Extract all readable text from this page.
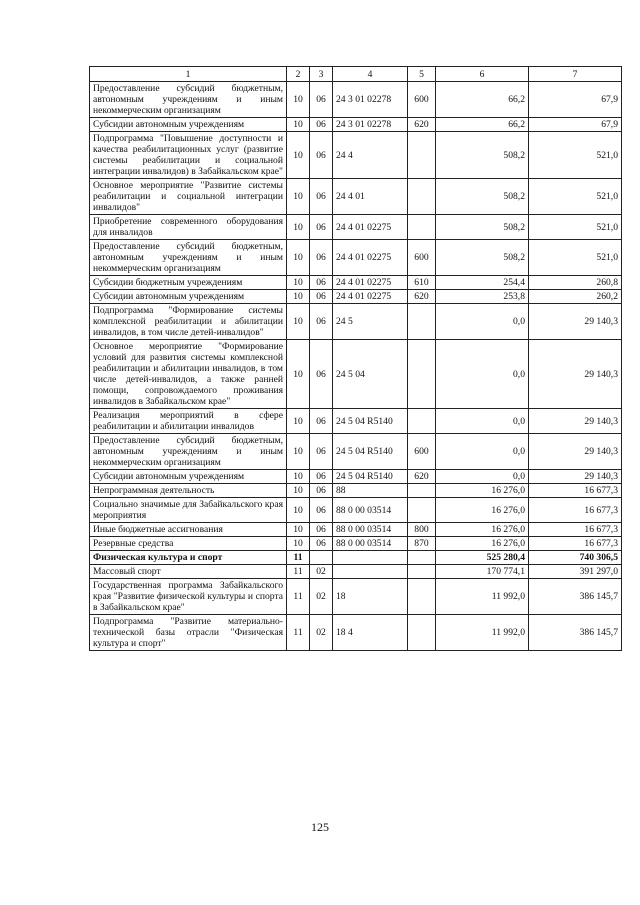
1	2	3	4	5	6	7
Предоставление субсидий бюджетным, автономным учреждениям и иным некоммерческим организациям	10	06	24 3 01 02278	600	66,2	67,9
Субсидии автономным учреждениям	10	06	24 3 01 02278	620	66,2	67,9
Подпрограмма "Повышение доступности и качества реабилитационных услуг (развитие системы реабилитации и социальной интеграции инвалидов) в Забайкальском крае"	10	06	24 4		508,2	521,0
Основное мероприятие "Развитие системы реабилитации и социальной интеграции инвалидов"	10	06	24 4 01		508,2	521,0
Приобретение современного оборудования для инвалидов	10	06	24 4 01 02275		508,2	521,0
Предоставление субсидий бюджетным, автономным учреждениям и иным некоммерческим организациям	10	06	24 4 01 02275	600	508,2	521,0
Субсидии бюджетным учреждениям	10	06	24 4 01 02275	610	254,4	260,8
Субсидии автономным учреждениям	10	06	24 4 01 02275	620	253,8	260,2
Подпрограмма "Формирование системы комплексной реабилитации и абилитации инвалидов, в том числе детей-инвалидов"	10	06	24 5		0,0	29 140,3
Основное мероприятие "Формирование условий для развития системы комплексной реабилитации и абилитации инвалидов, в том числе детей-инвалидов, а также ранней помощи, сопровождаемого проживания инвалидов в Забайкальском крае"	10	06	24 5 04		0,0	29 140,3
Реализация мероприятий в сфере реабилитации и абилитации инвалидов	10	06	24 5 04 R5140		0,0	29 140,3
Предоставление субсидий бюджетным, автономным учреждениям и иным некоммерческим организациям	10	06	24 5 04 R5140	600	0,0	29 140,3
Субсидии автономным учреждениям	10	06	24 5 04 R5140	620	0,0	29 140,3
Непрограммная деятельность	10	06	88		16 276,0	16 677,3
Социально значимые для Забайкальского края мероприятия	10	06	88 0 00 03514		16 276,0	16 677,3
Иные бюджетные ассигнования	10	06	88 0 00 03514	800	16 276,0	16 677,3
Резервные средства	10	06	88 0 00 03514	870	16 276,0	16 677,3
Физическая культура и спорт	11				525 280,4	740 306,5
Массовый спорт	11	02			170 774,1	391 297,0
Государственная программа Забайкальского края "Развитие физической культуры и спорта в Забайкальском крае"	11	02	18		11 992,0	386 145,7
Подпрограмма "Развитие материально-технической базы отрасли "Физическая культура и спорт"	11	02	18 4		11 992,0	386 145,7
125
